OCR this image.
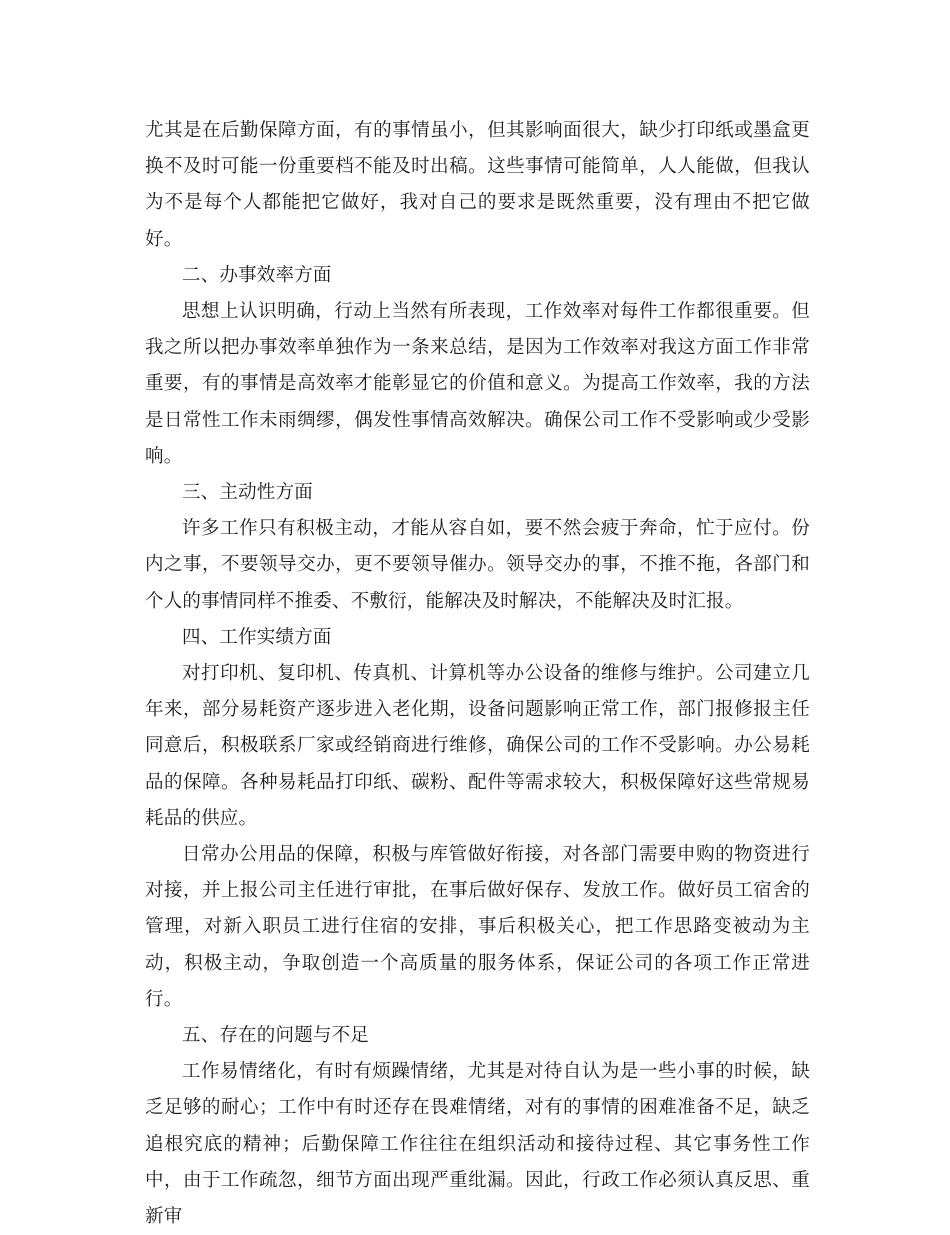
尤其是在后勤保障方面，有的事情虽小，但其影响面很大，缺少打印纸或墨盒更换不及时可能一份重要档不能及时出稿。这些事情可能简单，人人能做，但我认为不是每个人都能把它做好，我对自己的要求是既然重要，没有理由不把它做好。

二、办事效率方面

思想上认识明确，行动上当然有所表现，工作效率对每件工作都很重要。但我之所以把办事效率单独作为一条来总结，是因为工作效率对我这方面工作非常重要，有的事情是高效率才能彰显它的价值和意义。为提高工作效率，我的方法是日常性工作未雨绸缪，偶发性事情高效解决。确保公司工作不受影响或少受影响。

三、主动性方面

许多工作只有积极主动，才能从容自如，要不然会疲于奔命，忙于应付。份内之事，不要领导交办，更不要领导催办。领导交办的事，不推不拖，各部门和个人的事情同样不推委、不敷衍，能解决及时解决，不能解决及时汇报。

四、工作实绩方面

对打印机、复印机、传真机、计算机等办公设备的维修与维护。公司建立几年来，部分易耗资产逐步进入老化期，设备问题影响正常工作，部门报修报主任同意后，积极联系厂家或经销商进行维修，确保公司的工作不受影响。办公易耗品的保障。各种易耗品打印纸、碳粉、配件等需求较大，积极保障好这些常规易耗品的供应。

日常办公用品的保障，积极与库管做好衔接，对各部门需要申购的物资进行对接，并上报公司主任进行审批，在事后做好保存、发放工作。做好员工宿舍的管理，对新入职员工进行住宿的安排，事后积极关心，把工作思路变被动为主动，积极主动，争取创造一个高质量的服务体系，保证公司的各项工作正常进行。

五、存在的问题与不足

工作易情绪化，有时有烦躁情绪，尤其是对待自认为是一些小事的时候，缺乏足够的耐心；工作中有时还存在畏难情绪，对有的事情的困难准备不足，缺乏追根究底的精神；后勤保障工作往往在组织活动和接待过程、其它事务性工作中，由于工作疏忽，细节方面出现严重纰漏。因此，行政工作必须认真反思、重新审
